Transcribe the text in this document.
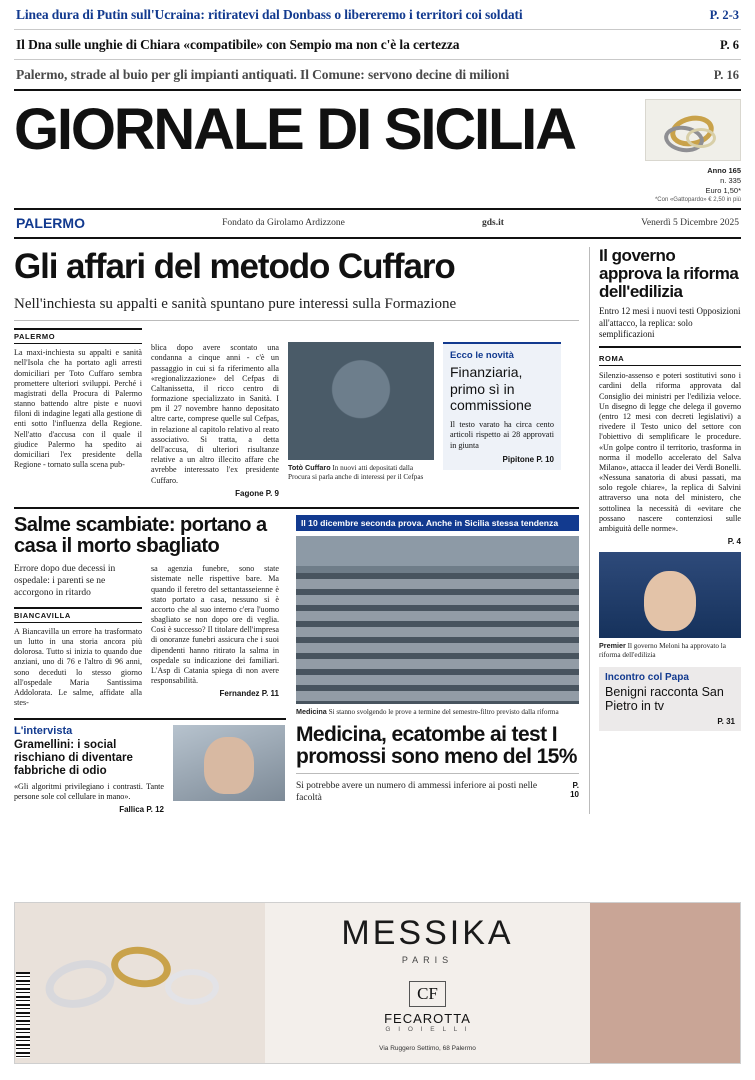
Linea dura di Putin sull'Ucraina: ritiratevi dal Donbass o libereremo i territori coi soldati	P. 2-3
Il Dna sulle unghie di Chiara «compatibile» con Sempio ma non c'è la certezza	P. 6
Palermo, strade al buio per gli impianti antiquati. Il Comune: servono decine di milioni	P. 16
GIORNALE DI SICILIA
Anno 165
n. 335
Euro 1,50*
*Con «Gattopardo» € 2,50 in più
PALERMO	Fondato da Girolamo Ardizzone	gds.it	Venerdì 5 Dicembre 2025
Gli affari del metodo Cuffaro
Nell'inchiesta su appalti e sanità spuntano pure interessi sulla Formazione
PALERMO
La maxi-inchiesta su appalti e sanità nell'Isola che ha portato agli arresti domiciliari per Toto Cuffaro sembra promettere ulteriori sviluppi. Perché i magistrati della Procura di Palermo stanno battendo altre piste e nuovi filoni di indagine legati alla gestione di enti sotto l'influenza della Regione. Nell'atto d'accusa con il quale il giudice Palermo ha spedito ai domiciliari l'ex presidente della Regione - tornato sulla scena pub-
blica dopo avere scontato una condanna a cinque anni - c'è un passaggio in cui si fa riferimento alla «regionalizzazione» del Cefpas di Caltanissetta, il ricco centro di formazione specializzato in Sanità. I pm il 27 novembre hanno depositato altre carte, comprese quelle sul Cefpas, in relazione al capitolo relativo al reato associativo. Si tratta, a detta dell'accusa, di ulteriori risultanze relative a un altro illecito affare che avrebbe interessato l'ex presidente Cuffaro.
Fagone P. 9
Totò Cuffaro In nuovi atti depositati dalla Procura si parla anche di interessi per il Cefpas
Ecco le novità
Finanziaria, primo sì in commissione
Il testo varato ha circa cento articoli rispetto ai 28 approvati in giunta
Pipitone P. 10
Salme scambiate: portano a casa il morto sbagliato
Errore dopo due decessi in ospedale: i parenti se ne accorgono in ritardo
BIANCAVILLA
A Biancavilla un errore ha trasformato un lutto in una storia ancora più dolorosa. Tutto si inizia to quando due anziani, uno di 76 e l'altro di 96 anni, sono deceduti lo stesso giorno all'ospedale Maria Santissima Addolorata. Le salme, affidate alla stes-
sa agenzia funebre, sono state sistemate nelle rispettive bare. Ma quando il feretro del settantasseienne è stato portato a casa, nessuno si è accorto che al suo interno c'era l'uomo sbagliato se non dopo ore di veglia. Così è successo? Il titolare dell'impresa di onoranze funebri assicura che i suoi dipendenti hanno ritirato la salma in ospedale su indicazione dei familiari. L'Asp di Catania spiega di non avere responsabilità.
Fernandez P. 11
L'intervista
Gramellini: i social rischiano di diventare fabbriche di odio
«Gli algoritmi privilegiano i contrasti. Tante persone sole col cellulare in mano».
Fallica P. 12
Il 10 dicembre seconda prova. Anche in Sicilia stessa tendenza
Medicina Si stanno svolgendo le prove a termine del semestre-filtro previsto dalla riforma
Medicina, ecatombe ai test I promossi sono meno del 15%
Si potrebbe avere un numero di ammessi inferiore ai posti nelle facoltà
P. 10
Il governo approva la riforma dell'edilizia
Entro 12 mesi i nuovi testi Opposizioni all'attacco, la replica: solo semplificazioni
ROMA
Silenzio-assenso e poteri sostitutivi sono i cardini della riforma approvata dal Consiglio dei ministri per l'edilizia veloce. Un disegno di legge che delega il governo (entro 12 mesi con decreti legislativi) a rivedere il Testo unico del settore con l'obiettivo di semplificare le procedure. «Un golpe contro il territorio, trasforma in norma il modello accelerato del Salva Milano», attacca il leader dei Verdi Bonelli. «Nessuna sanatoria di abusi passati, ma solo regole chiare», la replica di Salvini attraverso una nota del ministero, che sottolinea la necessità di «evitare che possano nascere contenziosi sulle ambiguità delle norme».
P. 4
Premier Il governo Meloni ha approvato la riforma dell'edilizia
Incontro col Papa
Benigni racconta San Pietro in tv
P. 31
MESSIKA
PARIS
CF
FECAROTTA
G I O I E L L I
Via Ruggero Settimo, 68 Palermo
